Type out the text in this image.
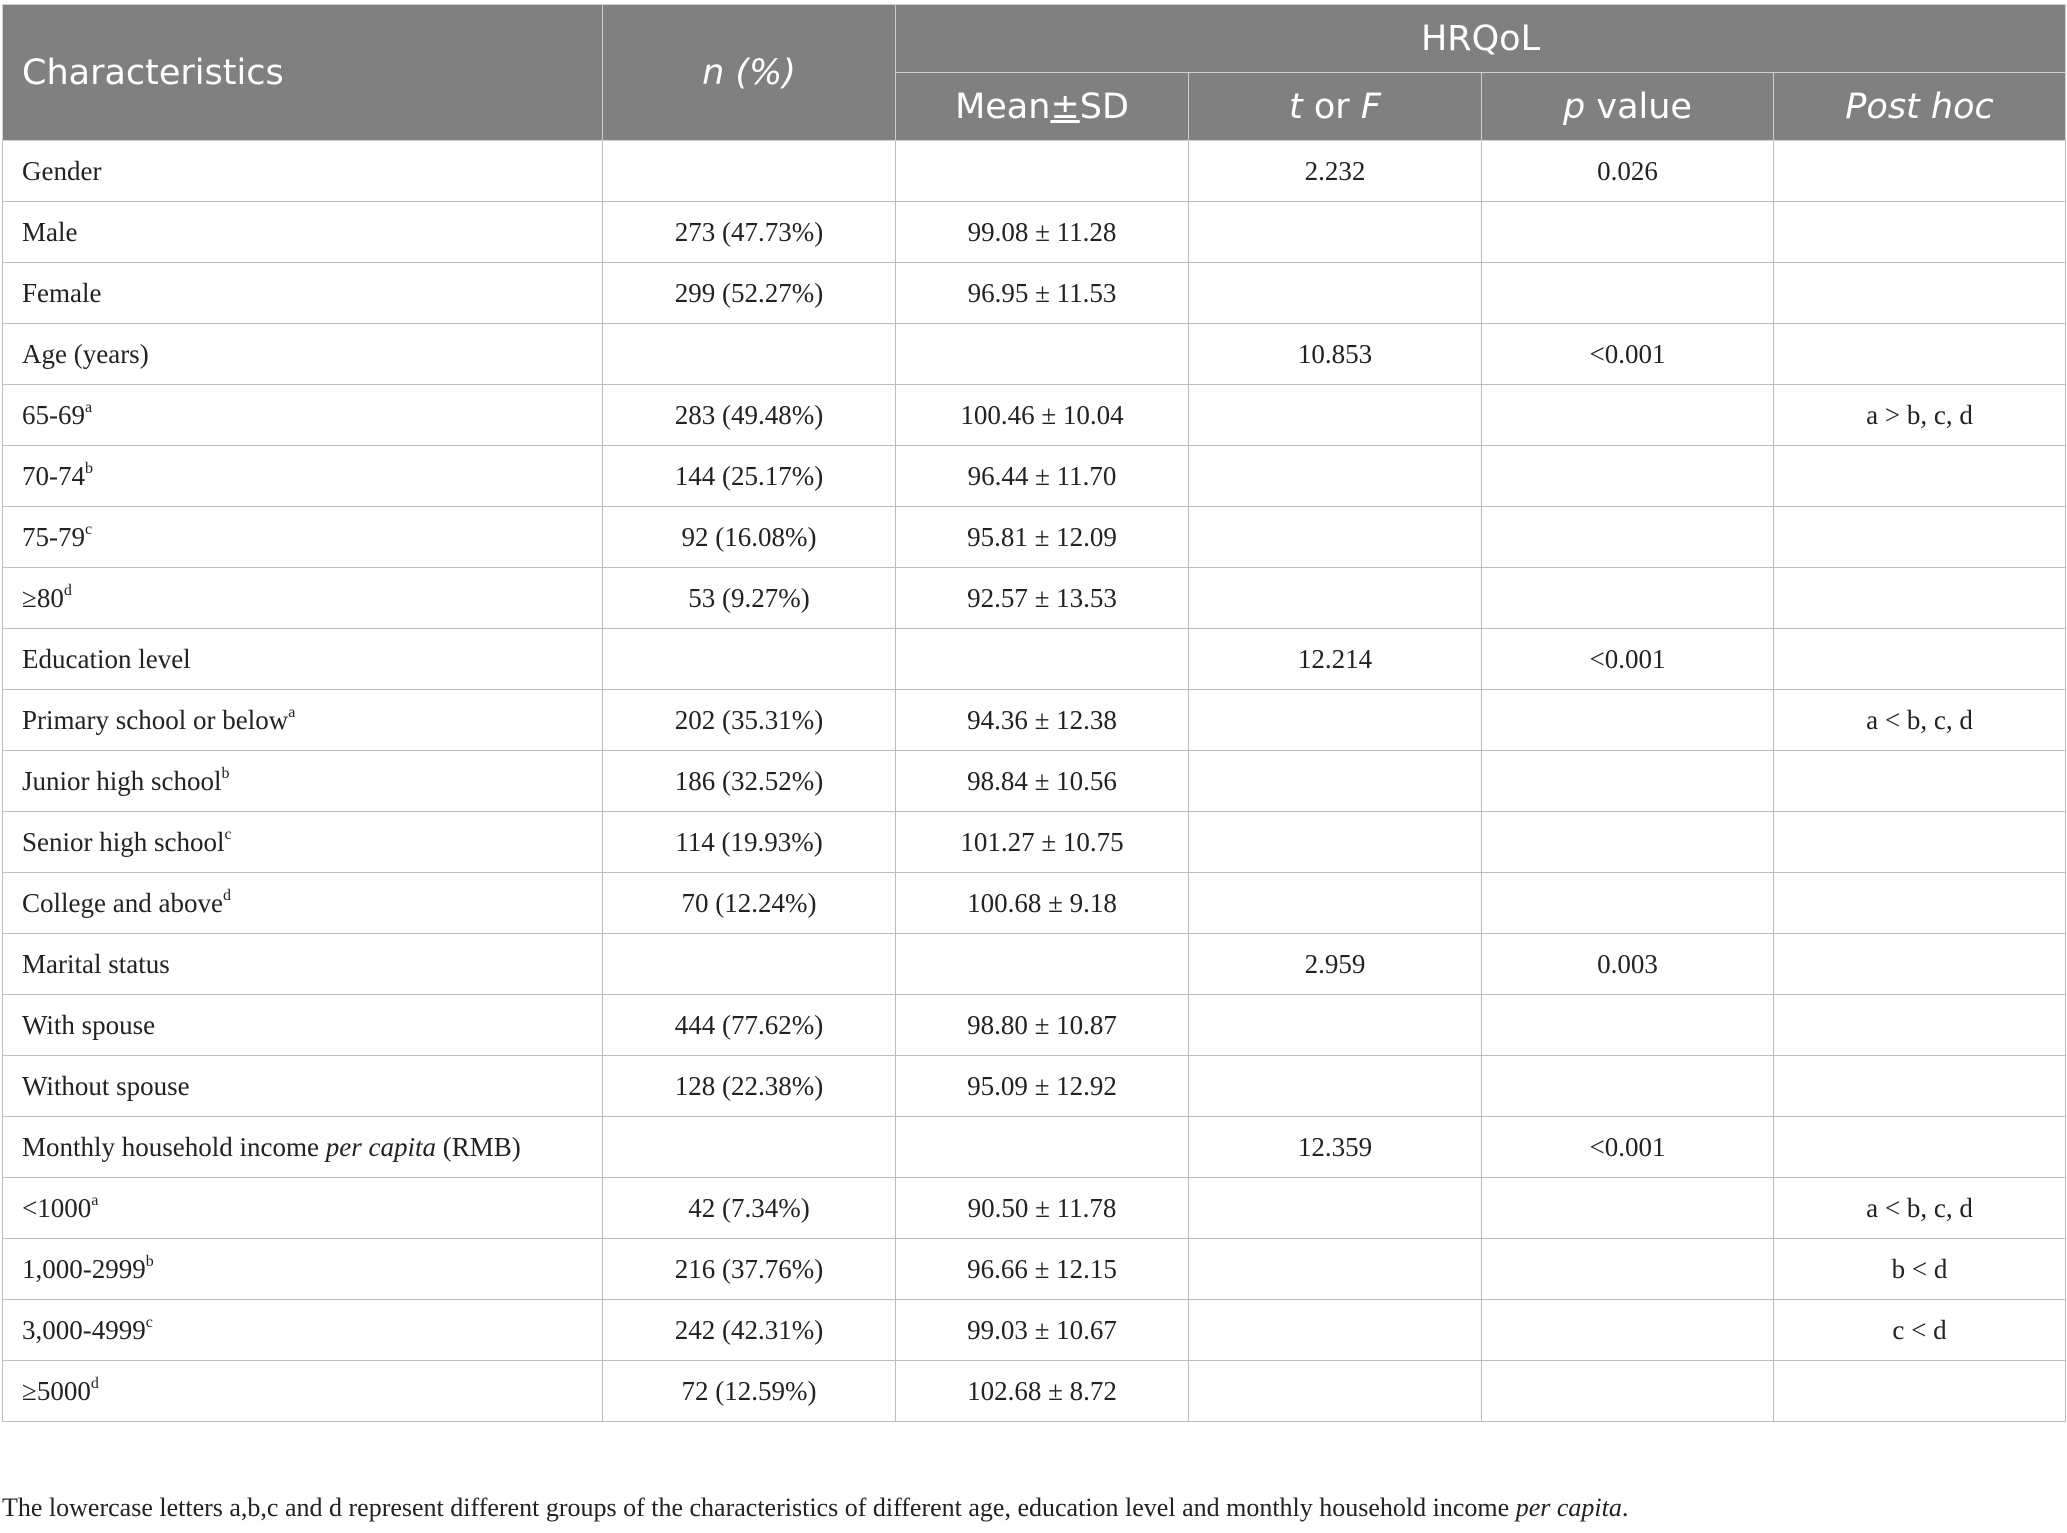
Characteristics	n (%)	HRQoL			
		Mean±SD	t or F	p value	Post hoc
Gender			2.232	0.026	
Male	273 (47.73%)	99.08 ± 11.28			
Female	299 (52.27%)	96.95 ± 11.53			
Age (years)			10.853	<0.001	
65-69$^a$	283 (49.48%)	100.46 ± 10.04			a > b, c, d
70-74$^b$	144 (25.17%)	96.44 ± 11.70			
75-79$^c$	92 (16.08%)	95.81 ± 12.09			
$\ge 80^d$	53 (9.27%)	92.57 ± 13.53			
Education level			12.214	<0.001	
Primary school or below$^a$	202 (35.31%)	94.36 ± 12.38			a < b, c, d
Junior high school$^b$	186 (32.52%)	98.84 ± 10.56			
Senior high school$^c$	114 (19.93%)	101.27 ± 10.75			
College and above$^d$	70 (12.24%)	100.68 ± 9.18			
Marital status			2.959	0.003	
With spouse	444 (77.62%)	98.80 ± 10.87			
Without spouse	128 (22.38%)	95.09 ± 12.92			
Monthly household income per capita (RMB)			12.359	<0.001	
$<1000^a$	42 (7.34%)	90.50 ± 11.78			a < b, c, d
1,000-2999$^b$	216 (37.76%)	96.66 ± 12.15			b < d
3,000-4999$^c$	242 (42.31%)	99.03 ± 10.67			c < d
$\ge 5000^d$	72 (12.59%)	102.68 ± 8.72			
The lowercase letters a,b,c and d represent different groups of the characteristics of different age, education level and monthly household income per capita.
